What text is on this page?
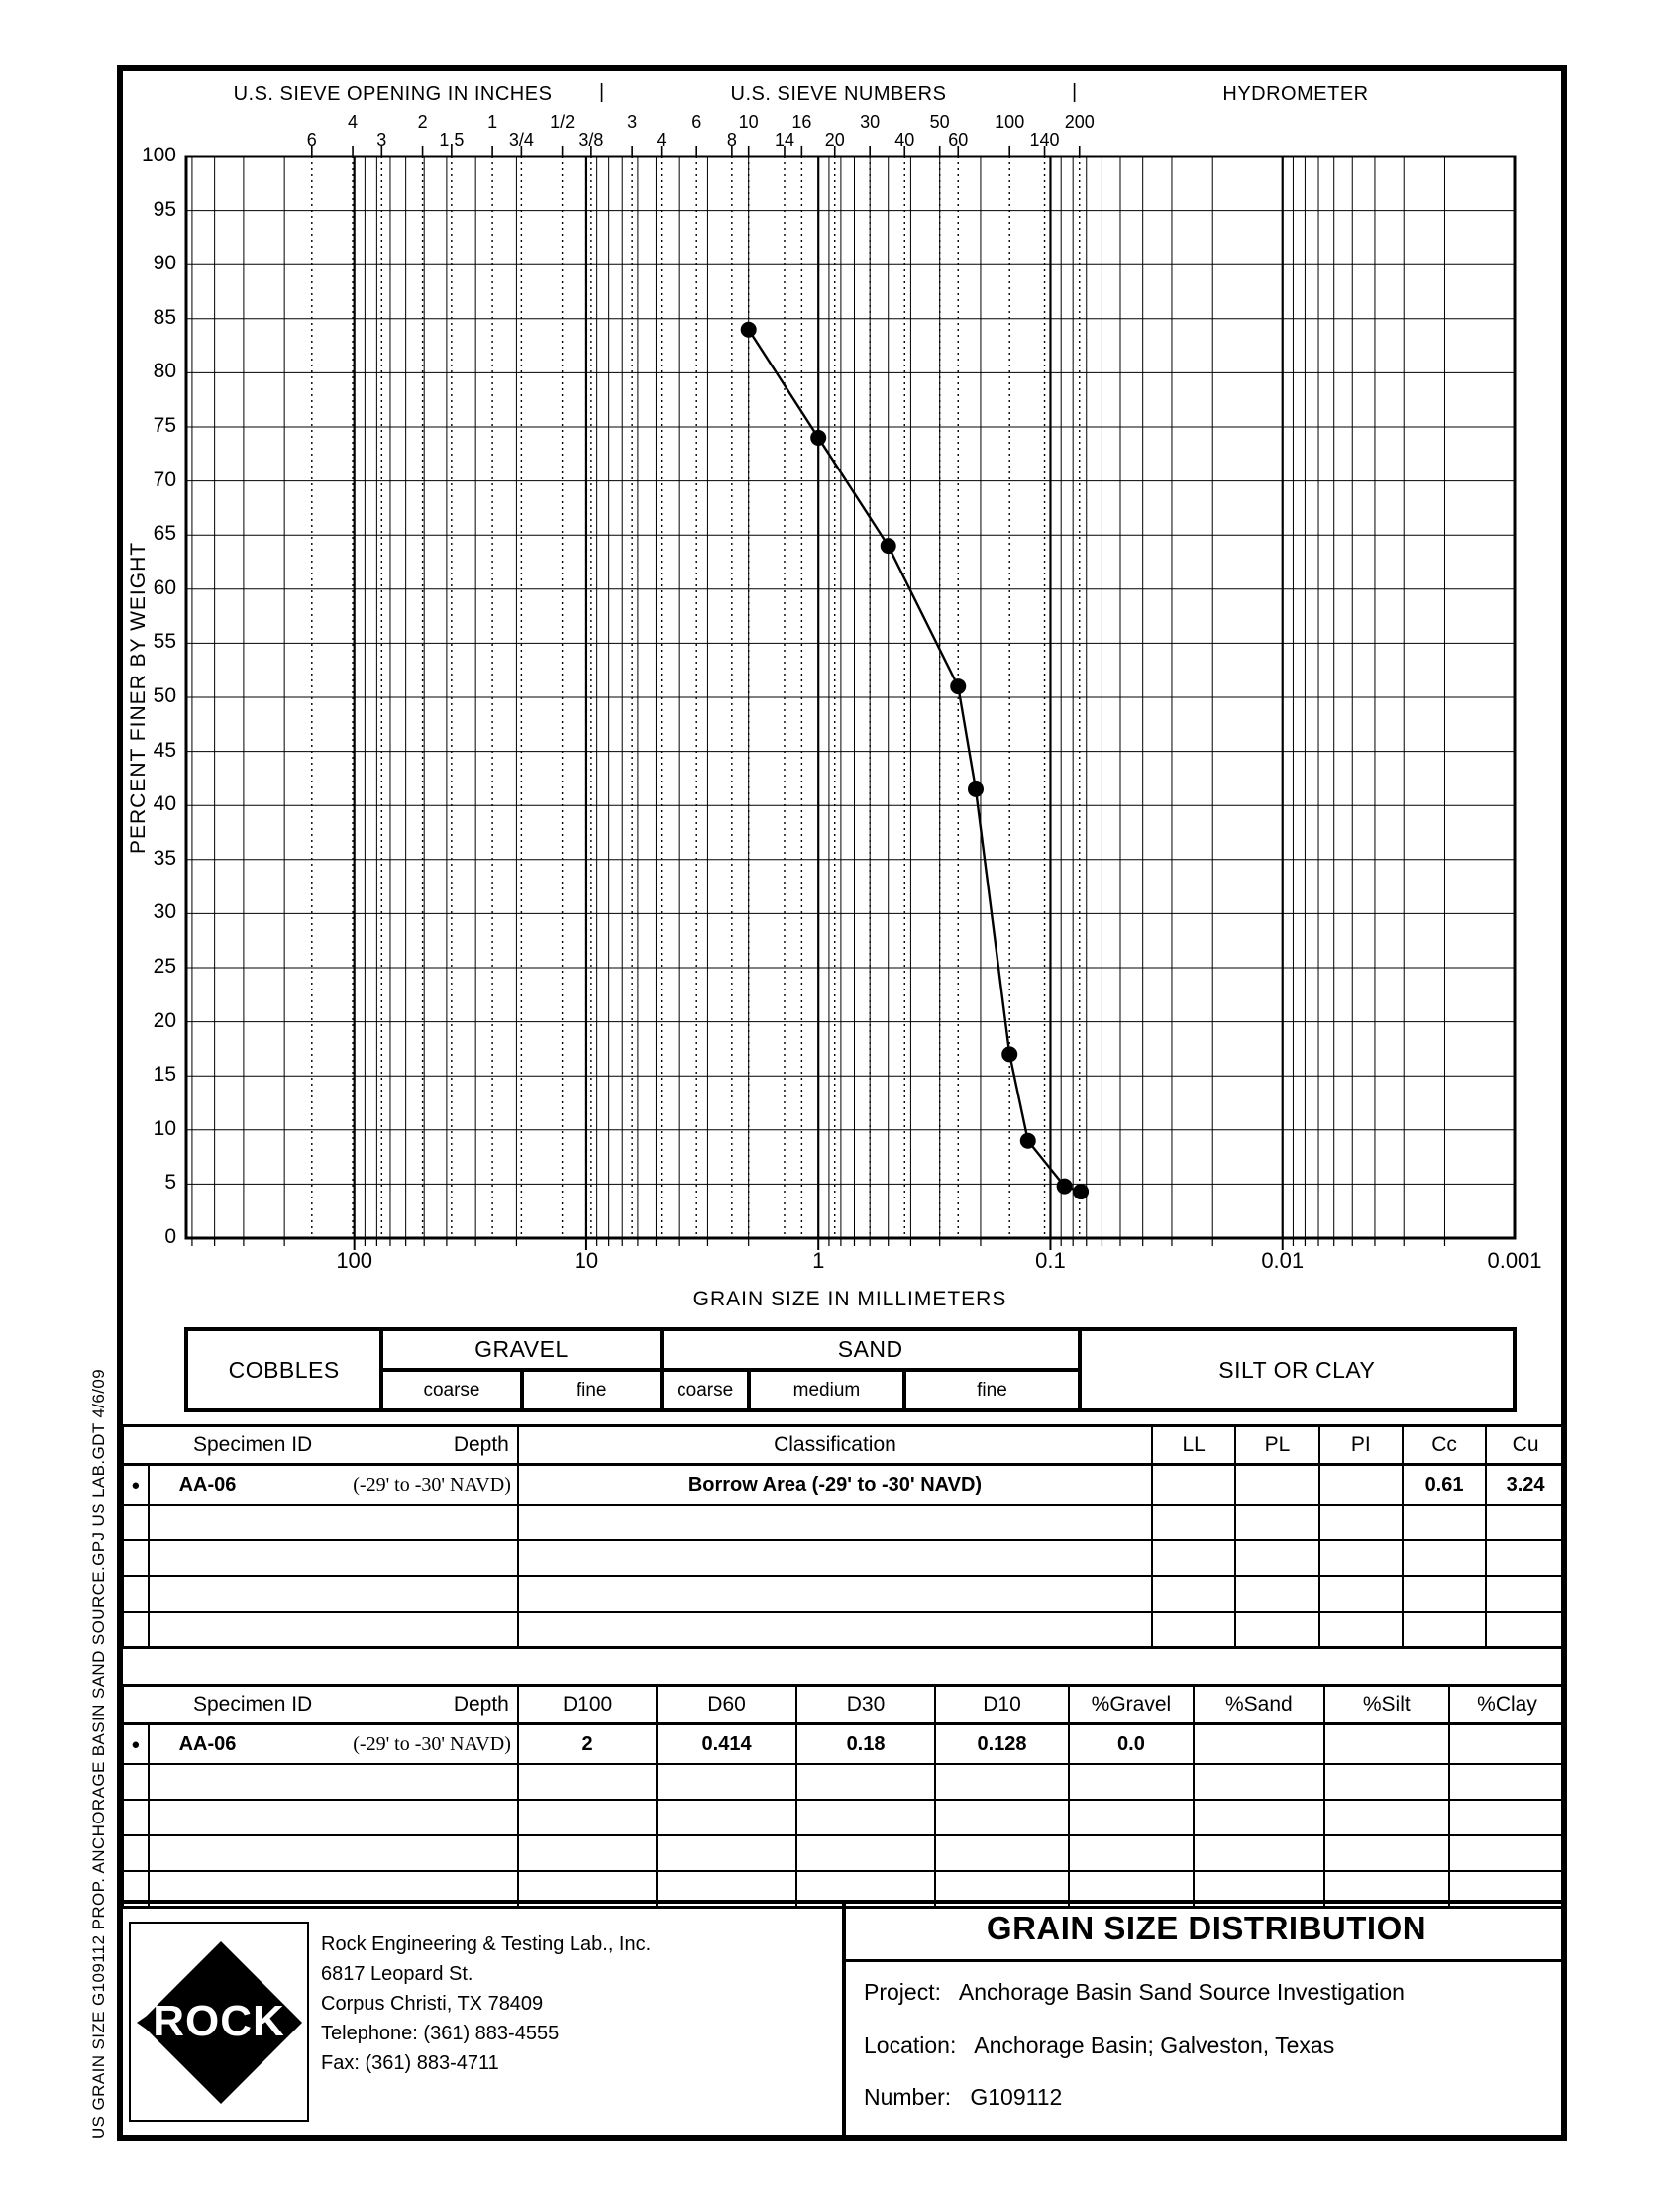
US GRAIN SIZE G109112 PROP. ANCHORAGE BASIN SAND SOURCE.GPJ US LAB.GDT 4/6/09
U.S. SIEVE OPENING IN INCHES	|	U.S. SIEVE NUMBERS	|	HYDROMETER
6
4
3
2
1.5
1
3/4
1/2
3/8
3
4
6
8
10
14
16
20
30
40
50
60
100
140
200
100
95
90
85
80
75
70
65
60
55
50
45
40
35
30
25
20
15
10
5
0
PERCENT FINER BY WEIGHT
100	10	1	0.1	0.01	0.001
GRAIN SIZE IN MILLIMETERS
COBBLES
GRAVEL
coarse	fine
SAND
coarse	medium	fine
SILT OR CLAY
Specimen ID Depth		Classification	LL	PL	PI	Cc	Cu
●	AA-06 (-29' to -30' NAVD)	Borrow Area (-29' to -30' NAVD)				0.61	3.24

Specimen ID Depth		D100	D60	D30	D10	%Gravel	%Sand	%Silt	%Clay
●	AA-06 (-29' to -30' NAVD)	2	0.414	0.18	0.128	0.0			

ROCK
Rock Engineering & Testing Lab., Inc.
6817 Leopard St.
Corpus Christi, TX 78409
Telephone: (361) 883-4555
Fax: (361) 883-4711
GRAIN SIZE DISTRIBUTION
Project: Anchorage Basin Sand Source Investigation
Location: Anchorage Basin; Galveston, Texas
Number: G109112
